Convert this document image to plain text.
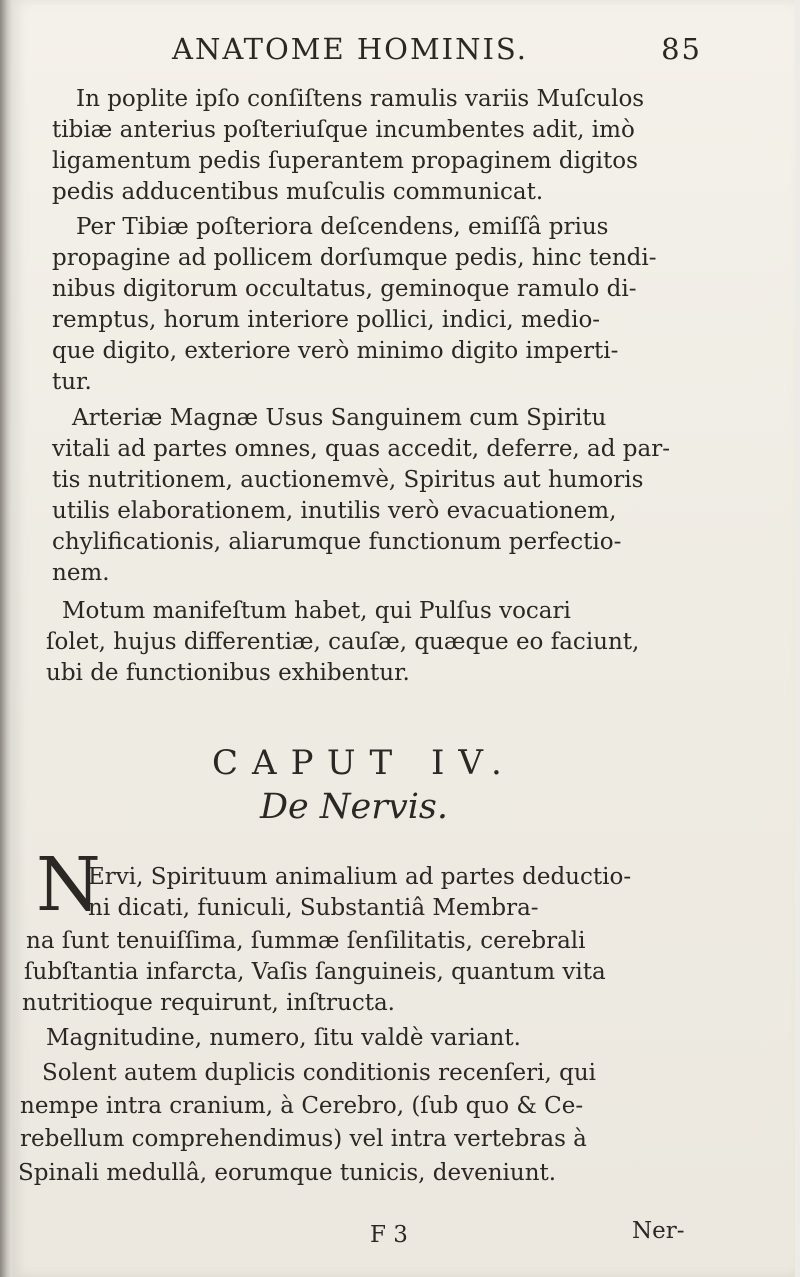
ANATOME HOMINIS.	85
In poplite ipſo conſiſtens ramulis variis Muſculos
tibiæ anterius poſteriuſque incumbentes adit, imò
ligamentum pedis ſuperantem propaginem digitos
pedis adducentibus muſculis communicat.
Per Tibiæ poſteriora deſcendens, emiſſâ prius
propagine ad pollicem dorſumque pedis, hinc tendi-
nibus digitorum occultatus, geminoque ramulo di-
remptus, horum interiore pollici, indici, medio-
que digito, exteriore verò minimo digito imperti-
tur.
Arteriæ Magnæ Usus Sanguinem cum Spiritu
vitali ad partes omnes, quas accedit, deferre, ad par-
tis nutritionem, auctionemvè, Spiritus aut humoris
utilis elaborationem, inutilis verò evacuationem,
chylificationis, aliarumque functionum perfectio-
nem.
Motum manifeſtum habet, qui Pulſus vocari
ſolet, hujus differentiæ, cauſæ, quæque eo faciunt,
ubi de functionibus exhibentur.
CAPUT IV.
De Nervis.
N
Ervi, Spirituum animalium ad partes deductio-
ni dicati, funiculi, Substantiâ Membra-
na ſunt tenuiſſima, ſummæ ſenſilitatis, cerebrali
ſubſtantia infarcta, Vaſis ſanguineis, quantum vita
nutritioque requirunt, inſtructa.
Magnitudine, numero, ſitu valdè variant.
Solent autem duplicis conditionis recenſeri, qui
nempe intra cranium, à Cerebro, (ſub quo & Ce-
rebellum comprehendimus) vel intra vertebras à
Spinali medullâ, eorumque tunicis, deveniunt.
F 3	Ner-
